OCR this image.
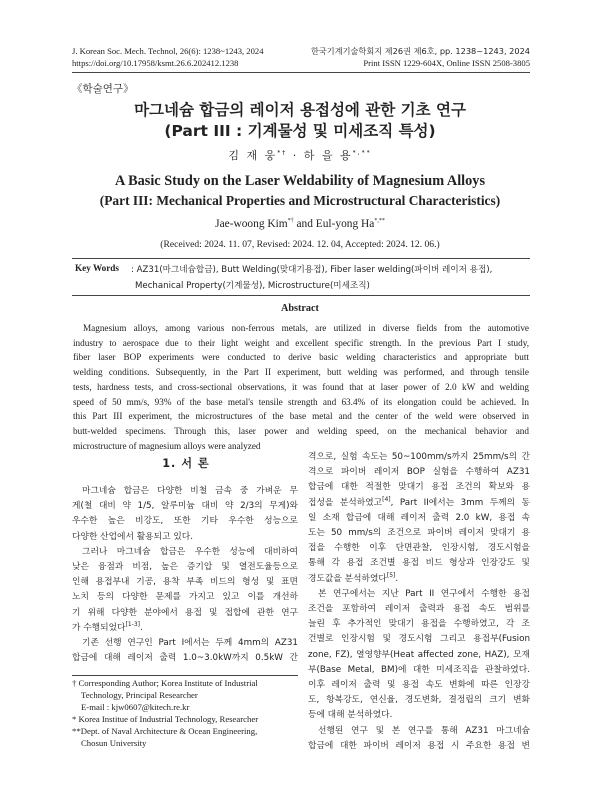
J. Korean Soc. Mech. Technol, 26(6): 1238~1243, 2024
https://doi.org/10.17958/ksmt.26.6.202412.1238
한국기계기술학회지 제26권 제6호, pp. 1238~1243, 2024
Print ISSN 1229-604X, Online ISSN 2508-3805
《학술연구》
마그네슘 합금의 레이저 용접성에 관한 기초 연구
(Part III : 기계물성 및 미세조직 특성)
김 재 웅*† · 하 을 용*,**
A Basic Study on the Laser Weldability of Magnesium Alloys
(Part III: Mechanical Properties and Microstructural Characteristics)
Jae-woong Kim*† and Eul-yong Ha*,**
(Received: 2024. 11. 07, Revised: 2024. 12. 04, Accepted: 2024. 12. 06.)
Key Words : AZ31(마그네슘합금), Butt Welding(맞대기용접), Fiber laser welding(파이버 레이저 용접),
Mechanical Property(기계물성), Microstructure(미세조직)
Abstract

Magnesium alloys, among various non-ferrous metals, are utilized in diverse fields from the automotive

industry to aerospace due to their light weight and excellent specific strength. In the previous Part I study,

fiber laser BOP experiments were conducted to derive basic welding characteristics and appropriate butt

welding conditions. Subsequently, in the Part II experiment, butt welding was performed, and through tensile

tests, hardness tests, and cross-sectional observations, it was found that at laser power of 2.0 kW and welding

speed of 50 mm/s, 93% of the base metal's tensile strength and 63.4% of its elongation could be achieved. In

this Part III experiment, the microstructures of the base metal and the center of the weld were observed in

butt-welded specimens. Through this, laser power and welding speed, on the mechanical behavior and

microstructure of magnesium alloys were analyzed

1. 서 론

마그네슘 합금은 다양한 비철 금속 중 가벼운 무

게(철 대비 약 1/5, 알루미늄 대비 약 2/3의 무게)와

우수한 높은 비강도, 또한 기타 우수한 성능으로

다양한 산업에서 활용되고 있다.

그러나 마그네슘 합금은 우수한 성능에 대비하여

낮은 융점과 비점, 높은 증기압 및 열전도율등으로

인해 용접부내 기공, 용착 부족 비드의 형성 및 표면

노치 등의 다양한 문제를 가지고 있고 이를 개선하

기 위해 다양한 분야에서 용접 및 접합에 관한 연구

가 수행되었다[1-3].

기존 선행 연구인 Part I에서는 두께 4mm의 AZ31

합금에 대해 레이저 출력 1.0~3.0kW까지 0.5kW 간

격으로, 실험 속도는 50~100mm/s까지 25mm/s의 간

격으로 파이버 레이저 BOP 실험을 수행하여 AZ31

합금에 대한 적절한 맞대기 용접 조건의 확보와 용

접성을 분석하였고[4], Part II에서는 3mm 두께의 동

일 소재 합금에 대해 레이저 출력 2.0 kW, 용접 속

도는 50 mm/s의 조건으로 파이버 레이저 맞대기 용

접을 수행한 이후 단면관찰, 인장시험, 경도시험을

통해 각 용접 조건별 용접 비드 형상과 인장강도 및

경도값을 분석하였다[5].

본 연구에서는 지난 Part II 연구에서 수행한 용접

조건을 포함하여 레이저 출력과 용접 속도 범위를

늘린 후 추가적인 맞대기 용접을 수행하였고, 각 조

건별로 인장시험 및 경도시험 그리고 용접부(Fusion

zone, FZ), 열영향부(Heat affected zone, HAZ), 모재

부(Base Metal, BM)에 대한 미세조직을 관찰하였다.

이후 레이저 출력 및 용접 속도 변화에 따른 인장강

도, 항복강도, 연신율, 경도변화, 결정립의 크기 변화

등에 대해 분석하였다.

선행된 연구 및 본 연구를 통해 AZ31 마그네슘

합금에 대한 파이버 레이저 용접 시 주요한 용접 변

† Corresponding Author; Korea Institute of Industrial
Technology, Principal Researcher
E-mail : kjw0607@kitech.re.kr
* Korea Institue of Industrial Technology, Researcher
**Dept. of Naval Architecture & Ocean Engineering,
Chosun University
